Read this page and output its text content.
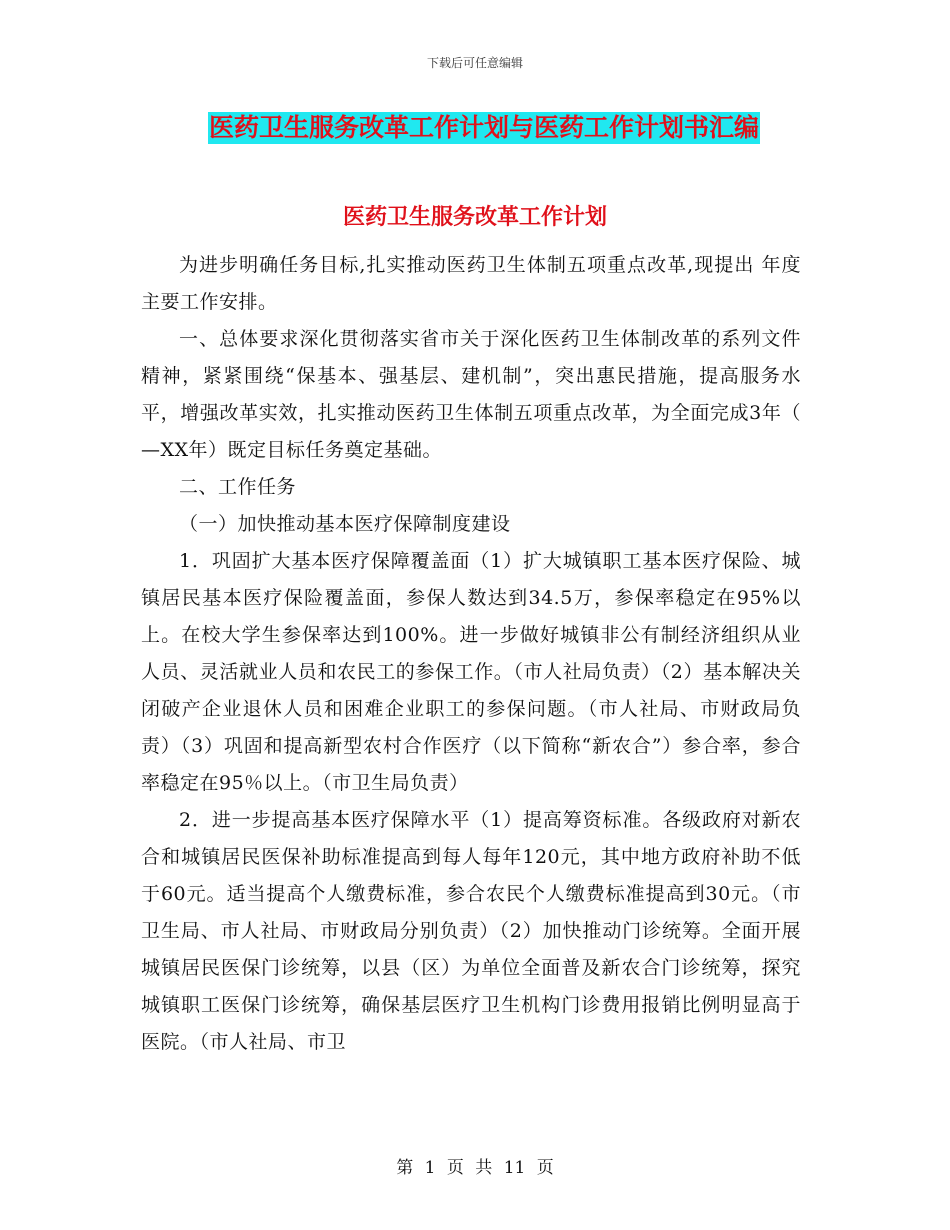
下载后可任意编辑
医药卫生服务改革工作计划与医药工作计划书汇编
医药卫生服务改革工作计划

为进步明确任务目标,扎实推动医药卫生体制五项重点改革,现提出 年度主要工作安排。

一、总体要求深化贯彻落实省市关于深化医药卫生体制改革的系列文件精神，紧紧围绕“保基本、强基层、建机制”，突出惠民措施，提高服务水平，增强改革实效，扎实推动医药卫生体制五项重点改革，为全面完成3年（ —XX年）既定目标任务奠定基础。

二、工作任务

（一）加快推动基本医疗保障制度建设

1．巩固扩大基本医疗保障覆盖面（1）扩大城镇职工基本医疗保险、城镇居民基本医疗保险覆盖面，参保人数达到34.5万，参保率稳定在95%以上。在校大学生参保率达到100%。进一步做好城镇非公有制经济组织从业人员、灵活就业人员和农民工的参保工作。（市人社局负责）（2）基本解决关闭破产企业退休人员和困难企业职工的参保问题。（市人社局、市财政局负责）（3）巩固和提高新型农村合作医疗（以下简称“新农合”）参合率，参合率稳定在95％以上。（市卫生局负责）

2．进一步提高基本医疗保障水平（1）提高筹资标准。各级政府对新农合和城镇居民医保补助标准提高到每人每年120元，其中地方政府补助不低于60元。适当提高个人缴费标准，参合农民个人缴费标准提高到30元。（市卫生局、市人社局、市财政局分别负责）（2）加快推动门诊统筹。全面开展城镇居民医保门诊统筹，以县（区）为单位全面普及新农合门诊统筹，探究城镇职工医保门诊统筹，确保基层医疗卫生机构门诊费用报销比例明显高于医院。（市人社局、市卫

第 1 页 共 11 页
